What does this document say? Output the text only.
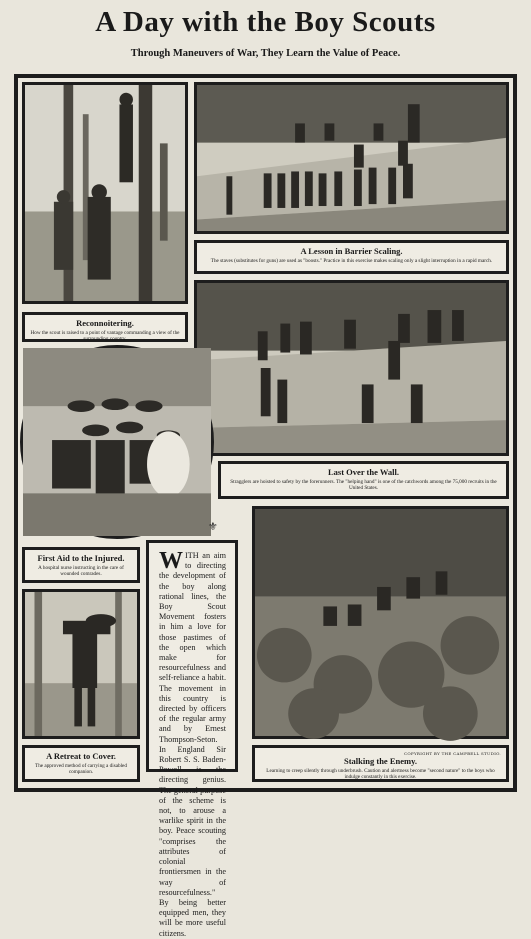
A Day with the Boy Scouts
Through Maneuvers of War, They Learn the Value of Peace.
Reconnoitering.
How the scout is raised to a point of vantage commanding a view of the surrounding country.
A Lesson in Barrier Scaling.
The staves (substitutes for guns) are used as "boosts." Practice in this exercise makes scaling only a slight interruption in a rapid march.
Last Over the Wall.
Stragglers are hoisted to safety by the forerunners. The "helping hand" is one of the catchwords among the 75,000 recruits in the United States.
First Aid to the Injured.
A hospital nurse instructing in the care of wounded comrades.
A Retreat to Cover.
The approved method of carrying a disabled companion.
⚜
WITH an aim to directing the development of the boy along rational lines, the Boy Scout Movement fosters in him a love for those pastimes of the open which make for resourcefulness and self-reliance a habit. The movement in this country is directed by officers of the regular army and by Ernest Thompson-Seton. In England Sir Robert S. S. Baden-Powell is the directing genius. The general purpose of the scheme is not, to arouse a warlike spirit in the boy. Peace scouting "comprises the attributes of colonial frontiersmen in the way of resourcefulness." By being better equipped men, they will be more useful citizens.
COPYRIGHT BY THE CAMPBELL STUDIO.
Stalking the Enemy.
Learning to creep silently through underbrush. Caution and alertness become "second nature" to the boys who indulge constantly in this exercise.
